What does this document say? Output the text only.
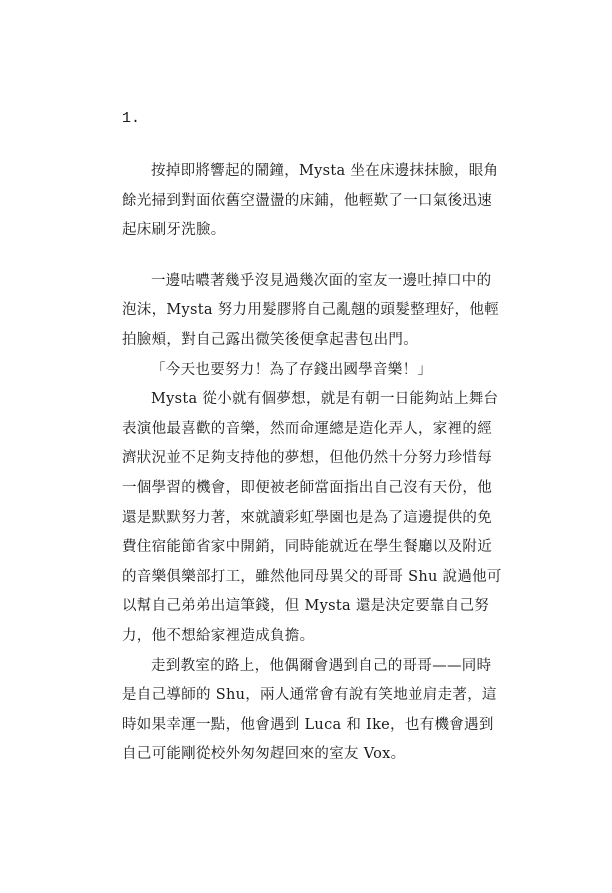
1.

按掉即將響起的鬧鐘，Mysta 坐在床邊抹抹臉，眼角餘光掃到對面依舊空盪盪的床鋪，他輕歎了一口氣後迅速起床刷牙洗臉。

一邊咕噥著幾乎沒見過幾次面的室友一邊吐掉口中的泡沫，Mysta 努力用髮膠將自己亂翹的頭髮整理好，他輕拍臉頰，對自己露出微笑後便拿起書包出門。

「今天也要努力！為了存錢出國學音樂！」

Mysta 從小就有個夢想，就是有朝一日能夠站上舞台表演他最喜歡的音樂，然而命運總是造化弄人，家裡的經濟狀況並不足夠支持他的夢想，但他仍然十分努力珍惜每一個學習的機會，即便被老師當面指出自己沒有天份，他還是默默努力著，來就讀彩虹學園也是為了這邊提供的免費住宿能節省家中開銷，同時能就近在學生餐廳以及附近的音樂俱樂部打工，雖然他同母異父的哥哥 Shu 說過他可以幫自己弟弟出這筆錢，但 Mysta 還是決定要靠自己努力，他不想給家裡造成負擔。

走到教室的路上，他偶爾會遇到自己的哥哥——同時是自己導師的 Shu，兩人通常會有說有笑地並肩走著，這時如果幸運一點，他會遇到 Luca 和 Ike，也有機會遇到自己可能剛從校外匆匆趕回來的室友 Vox。
